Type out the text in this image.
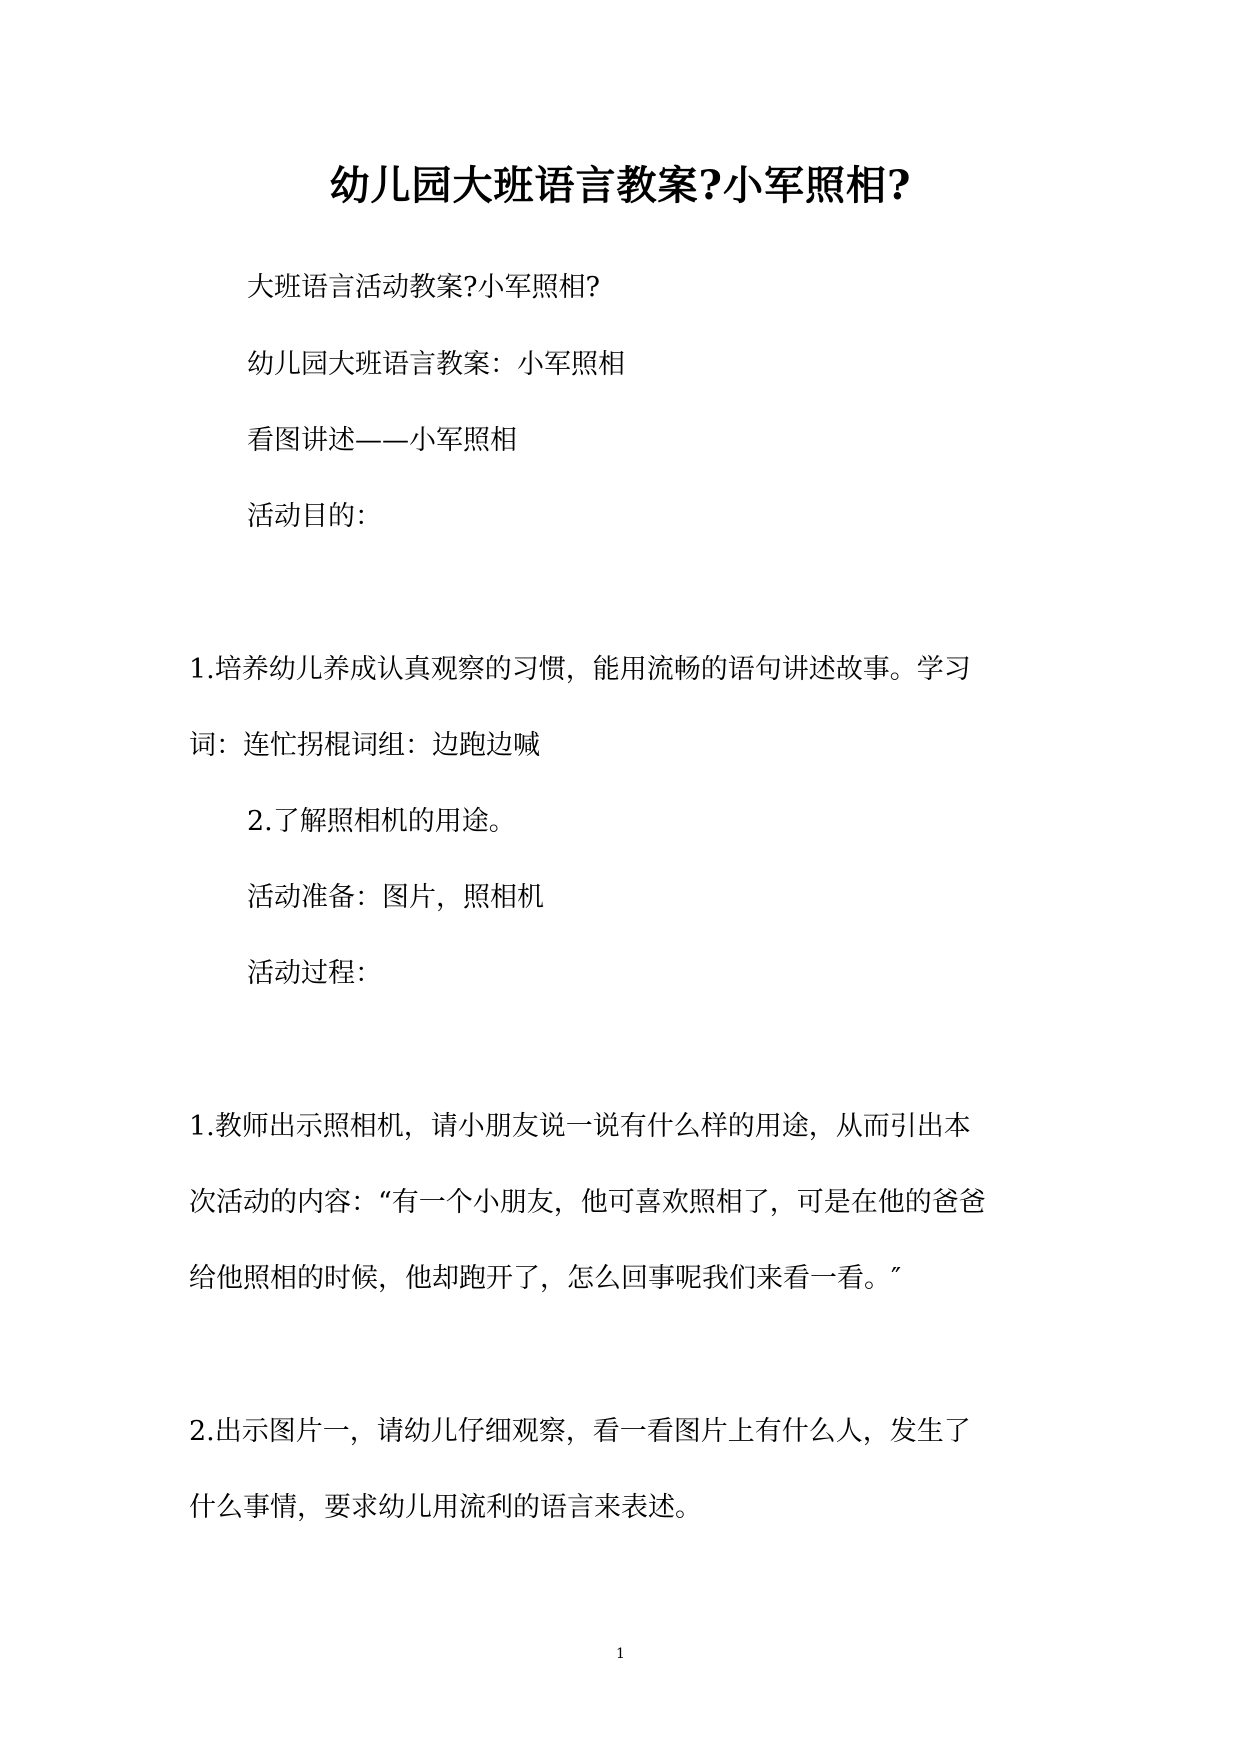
幼儿园大班语言教案?小军照相?
大班语言活动教案?小军照相?
幼儿园大班语言教案：小军照相
看图讲述——小军照相
活动目的：
1.培养幼儿养成认真观察的习惯，能用流畅的语句讲述故事。学习
词：连忙拐棍词组：边跑边喊
2.了解照相机的用途。
活动准备：图片，照相机
活动过程：
1.教师出示照相机，请小朋友说一说有什么样的用途，从而引出本
次活动的内容：“有一个小朋友，他可喜欢照相了，可是在他的爸爸
给他照相的时候，他却跑开了，怎么回事呢我们来看一看。″
2.出示图片一，请幼儿仔细观察，看一看图片上有什么人，发生了
什么事情，要求幼儿用流利的语言来表述。
1
